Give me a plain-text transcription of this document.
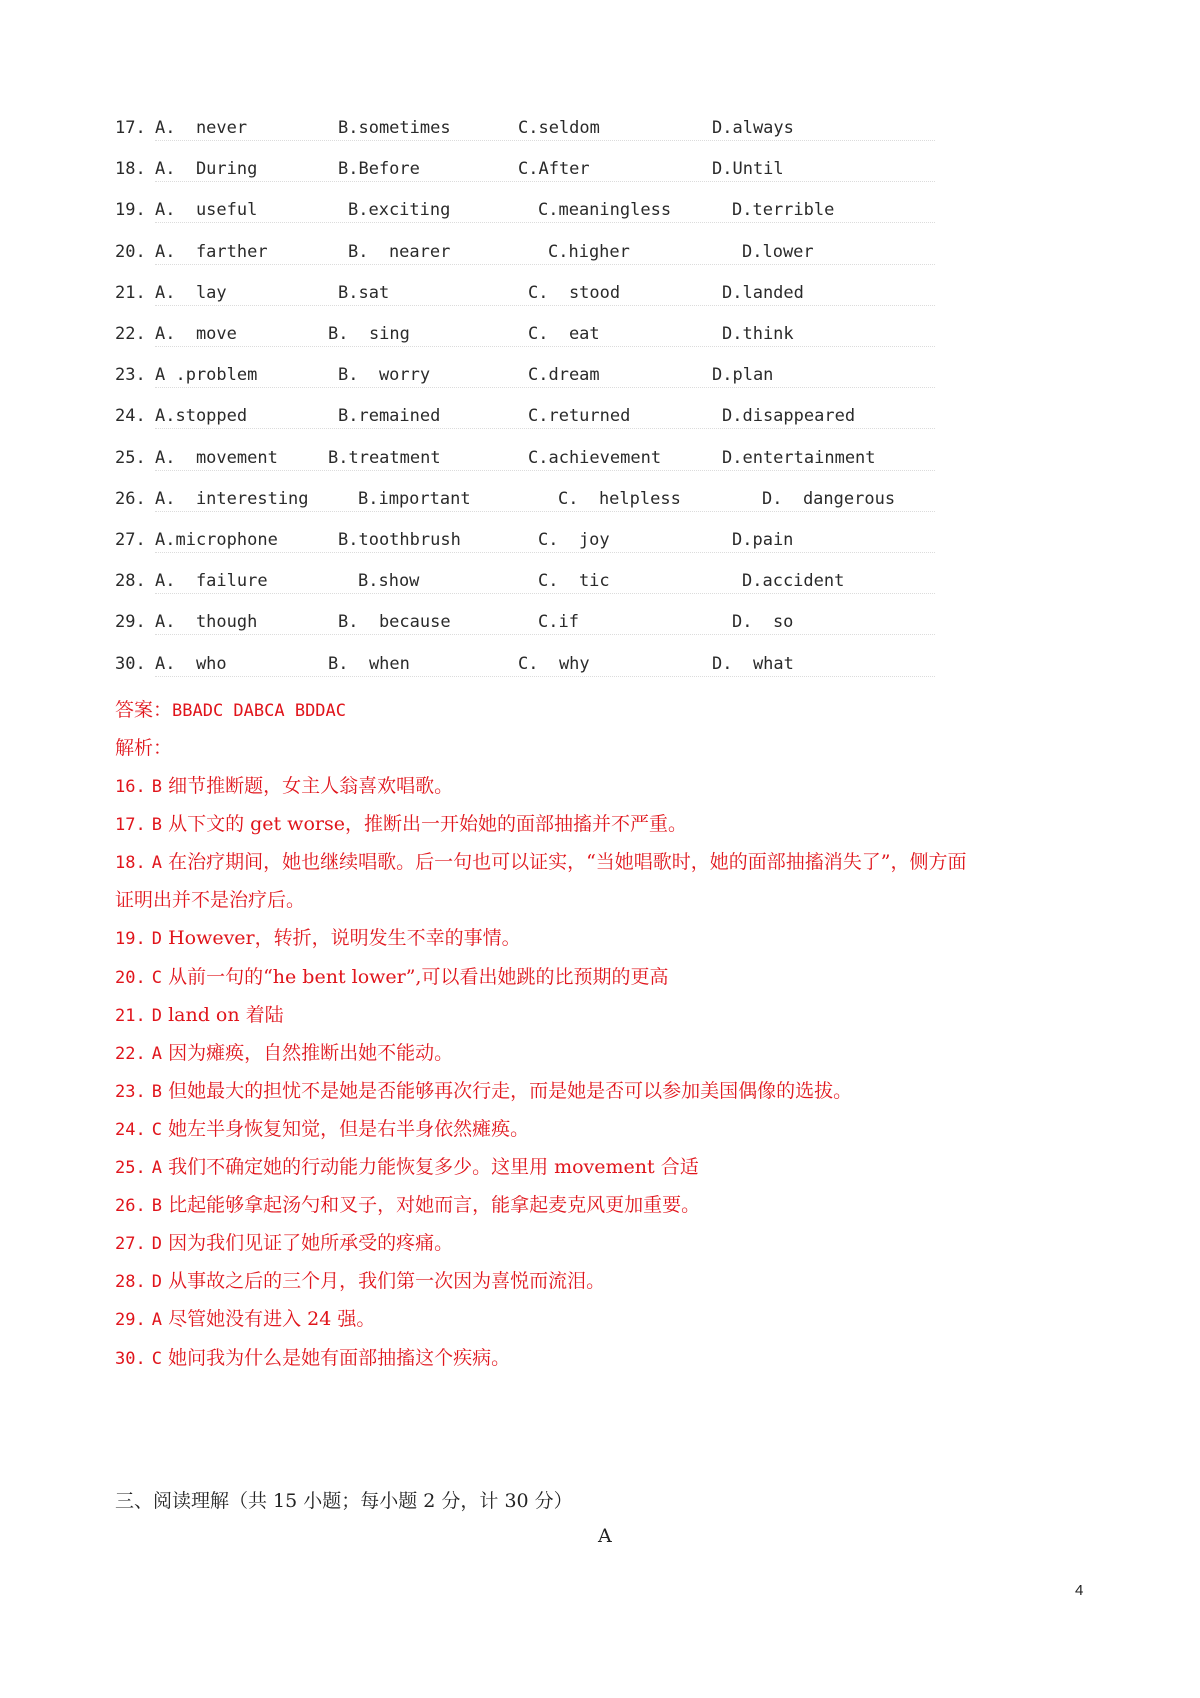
17. A.  never	B.sometimes	C.seldom	D.always
18. A.  During	B.Before	C.After	D.Until
19. A.  useful	B.exciting	C.meaningless	D.terrible
20. A.  farther	B.  nearer	C.higher	D.lower
21. A.  lay	B.sat	C.  stood	D.landed
22. A.  move	B.  sing	C.  eat	D.think
23. A .problem	B.  worry	C.dream	D.plan
24. A.stopped	B.remained	C.returned	D.disappeared
25. A.  movement	B.treatment	C.achievement	D.entertainment
26. A.  interesting	B.important	C.  helpless	D.  dangerous
27. A.microphone	B.toothbrush	C.  joy	D.pain
28. A.  failure	B.show	C.  tic	D.accident
29. A.  though	B.  because	C.if	D.  so
30. A.  who	B.  when	C.  why	D.  what
答案：BBADC DABCA BDDAC
解析：
16. B 细节推断题，女主人翁喜欢唱歌。
17. B 从下文的 get worse，推断出一开始她的面部抽搐并不严重。
18. A 在治疗期间，她也继续唱歌。后一句也可以证实，“当她唱歌时，她的面部抽搐消失了”，侧方面
证明出并不是治疗后。
19. D However，转折，说明发生不幸的事情。
20. C 从前一句的“he bent lower”,可以看出她跳的比预期的更高
21. D land on 着陆
22. A 因为瘫痪，自然推断出她不能动。
23. B 但她最大的担忧不是她是否能够再次行走，而是她是否可以参加美国偶像的选拔。
24. C 她左半身恢复知觉，但是右半身依然瘫痪。
25. A 我们不确定她的行动能力能恢复多少。这里用 movement 合适
26. B 比起能够拿起汤勺和叉子，对她而言，能拿起麦克风更加重要。
27. D 因为我们见证了她所承受的疼痛。
28. D 从事故之后的三个月，我们第一次因为喜悦而流泪。
29. A 尽管她没有进入 24 强。
30. C 她问我为什么是她有面部抽搐这个疾病。
三、阅读理解（共 15 小题；每小题 2 分，计 30 分）
A
4
